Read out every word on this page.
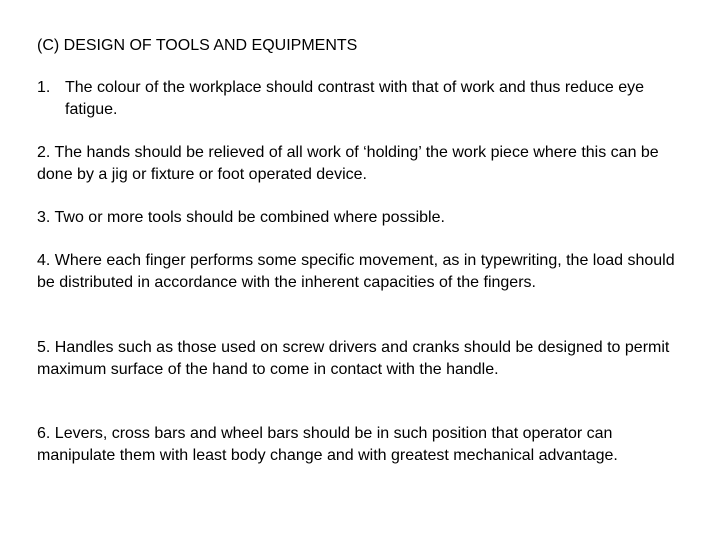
(C) DESIGN OF TOOLS AND EQUIPMENTS
1. The colour of the workplace should contrast with that of work and thus reduce eye fatigue.
2. The hands should be relieved of all work of ‘holding’ the work piece where this can be done by a jig or fixture or foot operated device.
3. Two or more tools should be combined where possible.
4. Where each finger performs some specific movement, as in typewriting, the load should be distributed in accordance with the inherent capacities of the fingers.
5. Handles such as those used on screw drivers and cranks should be designed to permit maximum surface of the hand to come in contact with the handle.
6. Levers, cross bars and wheel bars should be in such position that operator can manipulate them with least body change and with greatest mechanical advantage.
